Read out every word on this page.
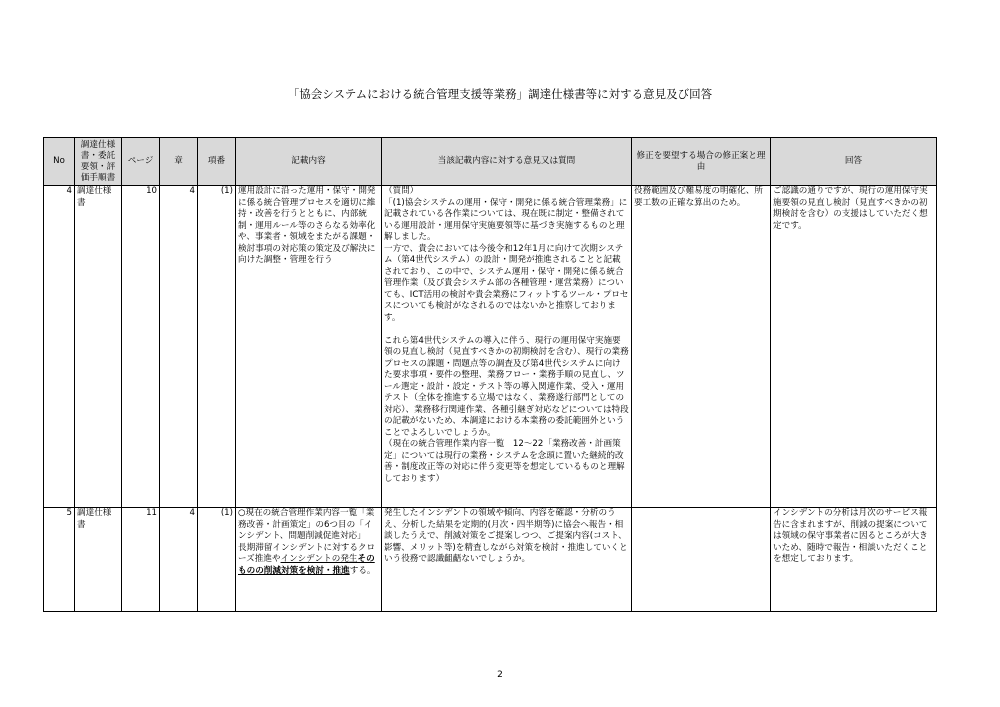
「協会システムにおける統合管理支援等業務」調達仕様書等に対する意見及び回答
No	調達仕様書・委託要領・評価手順書	ページ	章	項番	記載内容	当該記載内容に対する意見又は質問	修正を要望する場合の修正案と理由	回答
4	調達仕様書	10	4	(1)	運用設計に沿った運用・保守・開発に係る統合管理プロセスを適切に維持・改善を行うとともに、内部統制・運用ルール等のさらなる効率化や、事業者・領域をまたがる課題・検討事項の対応策の策定及び解決に向けた調整・管理を行う	（質問）
「(1)協会システムの運用・保守・開発に係る統合管理業務」に記載されている各作業については、現在既に制定・整備されている運用設計・運用保守実施要領等に基づき実施するものと理解しました。
一方で、貴会においては今後令和12年1月に向けて次期システム（第4世代システム）の設計・開発が推進されることと記載されており、この中で、システム運用・保守・開発に係る統合管理作業（及び貴会システム部の各種管理・運営業務）についても、ICT活用の検討や貴会業務にフィットするツール・プロセスについても検討がなされるのではないかと推察しております。

これら第4世代システムの導入に伴う、現行の運用保守実施要領の見直し検討（見直すべきかの初期検討を含む）、現行の業務プロセスの課題・問題点等の調査及び第4世代システムに向けた要求事項・要件の整理、業務フロー・業務手順の見直し、ツール選定・設計・設定・テスト等の導入関連作業、受入・運用テスト（全体を推進する立場ではなく、業務遂行部門としての対応）、業務移行関連作業、各種引継ぎ対応などについては特段の記載がないため、本調達における本業務の委託範囲外ということでよろしいでしょうか。
（現在の統合管理作業内容一覧　12～22「業務改善・計画策定」については現行の業務・システムを念頭に置いた継続的改善・制度改正等の対応に伴う変更等を想定しているものと理解しております）	役務範囲及び難易度の明確化、所要工数の正確な算出のため。	ご認識の通りですが、現行の運用保守実施要領の見直し検討（見直すべきかの初期検討を含む）の支援はしていただく想定です。
5	調達仕様書	11	4	(1)	○現在の統合管理作業内容一覧「業務改善・計画策定」の6つ目の「インシデント、問題削減促進対応」
長期滞留インシデントに対するクローズ推進やインシデントの発生そのものの削減対策を検討・推進する。	発生したインシデントの領域や傾向、内容を確認・分析のうえ、分析した結果を定期的(月次・四半期等)に協会へ報告・相談したうえで、削減対策をご提案しつつ、ご提案内容(コスト、影響、メリット等)を精査しながら対策を検討・推進していくという役務で認識齟齬ないでしょうか。		インシデントの分析は月次のサービス報告に含まれますが、削減の提案については領域の保守事業者に因るところが大きいため、随時で報告・相談いただくことを想定しております。
2
